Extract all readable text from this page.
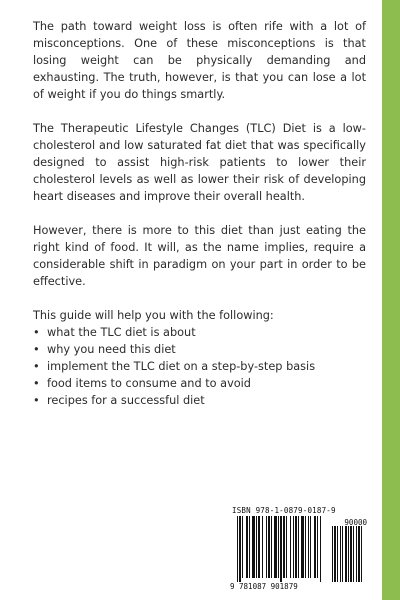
The path toward weight loss is often rife with a lot of misconceptions. One of these misconceptions is that losing weight can be physically demanding and exhausting. The truth, however, is that you can lose a lot of weight if you do things smartly.

The Therapeutic Lifestyle Changes (TLC) Diet is a low-cholesterol and low saturated fat diet that was specifically designed to assist high-risk patients to lower their cholesterol levels as well as lower their risk of developing heart diseases and improve their overall health.

However, there is more to this diet than just eating the right kind of food. It will, as the name implies, require a considerable shift in paradigm on your part in order to be effective.

This guide will help you with the following:

• what the TLC diet is about
• why you need this diet
• implement the TLC diet on a step-by-step basis
• food items to consume and to avoid
• recipes for a successful diet
ISBN 978-1-0879-0187-9
90000
9 781087 901879
